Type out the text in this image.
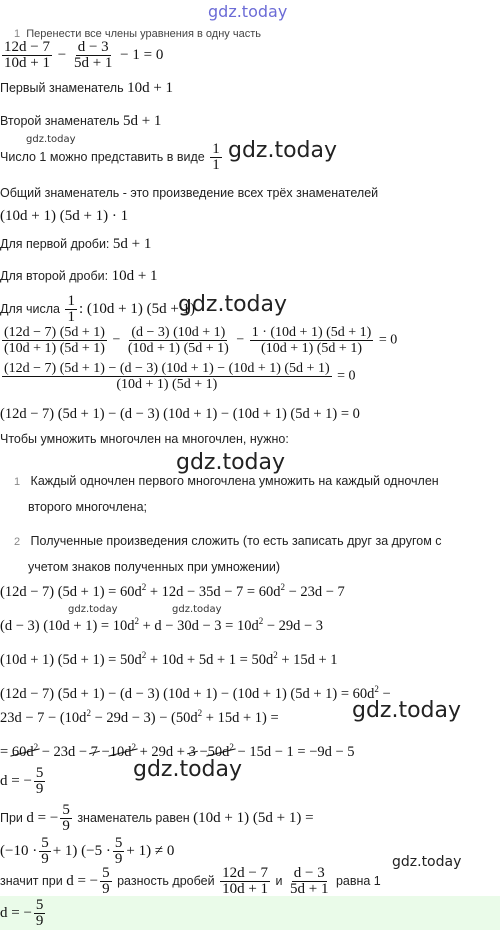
gdz.today
gdz.today	gdz.today
gdz.today
gdz.today
gdz.today	gdz.today
gdz.today
gdz.today
gdz.today
1 Перенести все члены уравнения в одну часть
$\frac{12d - 7}{10d + 1} - \frac{d - 3}{5d + 1} - 1 = 0$
Первый знаменатель 10d + 1
Второй знаменатель 5d + 1
Число 1 можно представить в виде $\frac{1}{1}$
Общий знаменатель - это произведение всех трёх знаменателей
(10d + 1) (5d + 1) · 1
Для первой дроби: 5d + 1
Для второй дроби: 10d + 1
Для числа $\frac{1}{1}$ : (10d + 1) (5d + 1)
$\frac{(12d - 7) (5d + 1)}{(10d + 1) (5d + 1)} - \frac{(d - 3) (10d + 1)}{(10d + 1) (5d + 1)} - \frac{1 \cdot (10d + 1) (5d + 1)}{(10d + 1) (5d + 1)} = 0$
$\frac{(12d - 7) (5d + 1) - (d - 3) (10d + 1) - (10d + 1) (5d + 1)}{(10d + 1) (5d + 1)} = 0$
(12d − 7) (5d + 1) − (d − 3) (10d + 1) − (10d + 1) (5d + 1) = 0
Чтобы умножить многочлен на многочлен, нужно:
1 Каждый одночлен первого многочлена умножить на каждый одночлен
второго многочлена;
2 Полученные произведения сложить (то есть записать друг за другом с
учетом знаков полученных при умножении)
(12d − 7) $(5d + 1) = 60d^2 + 12d - 35d - 7 = 60d^2 - 23d - 7$
(d − 3) $(10d + 1) = 10d^2 + d - 30d - 3 = 10d^2 - 29d - 3$
(10d + 1) $(5d + 1) = 50d^2 + 10d + 5d + 1 = 50d^2 + 15d + 1$
(12d − 7) (5d + 1) − (d − 3) (10d + 1) − (10d + 1) $(5d + 1) = 60d^2$ −
$23d - 7 - (10d^2 - 29d - 3) - (50d^2 + 15d + 1)$ =
= $60d^2 - 23d - 7 -10d^2 + 29d + 3 -50d^2 - 15d - 1 = -9d - 5$
d = − $\frac{5}{9}$
При d = − $\frac{5}{9}$ знаменатель равен (10d + 1) (5d + 1) =
$(-10 \cdot \frac{5}{9} + 1)$ $(-5 \cdot \frac{5}{9} + 1) \ne 0$
значит при d = − $\frac{5}{9}$ разность дробей $\frac{12d - 7}{10d + 1}$ и $\frac{d - 3}{5d + 1}$ равна 1
d = − $\frac{5}{9}$
